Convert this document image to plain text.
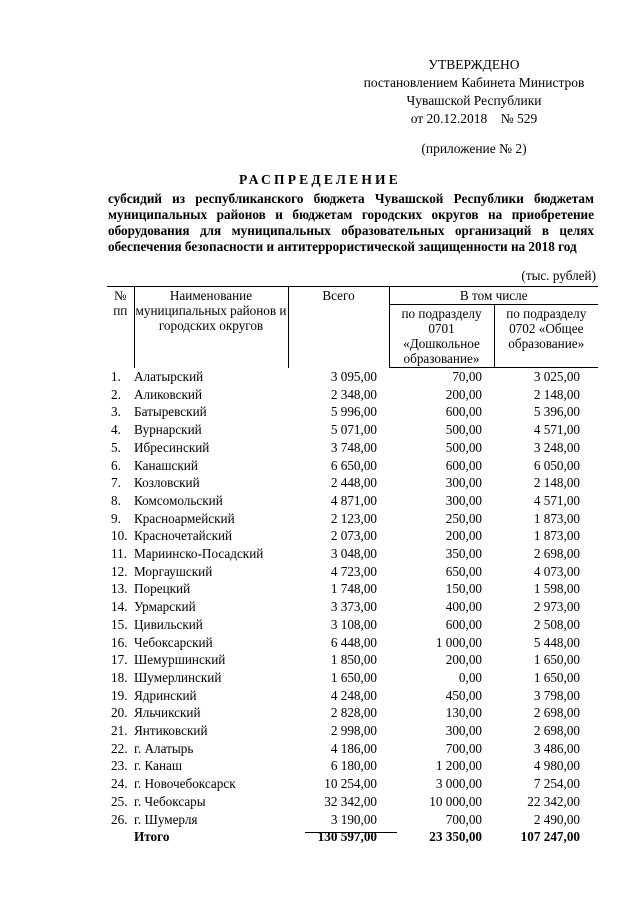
УТВЕРЖДЕНО
постановлением Кабинета Министров
Чувашской Республики
от 20.12.2018    № 529
(приложение № 2)
РАСПРЕДЕЛЕНИЕ
субсидий из республиканского бюджета Чувашской Республики бюджетам муниципальных районов и бюджетам городских округов на приобретение оборудования для муниципальных образовательных организаций в целях обеспечения безопасности и антитеррористической защищенности на 2018 год
(тыс. рублей)
№ пп	Наименование муниципальных районов и городских округов	Всего	В том числе	
			по подразделу 0701 «Дошкольное образование»	по подразделу 0702 «Общее образование»
1.	Алатырский	3 095,00	70,00	3 025,00
2.	Аликовский	2 348,00	200,00	2 148,00
3.	Батыревский	5 996,00	600,00	5 396,00
4.	Вурнарский	5 071,00	500,00	4 571,00
5.	Ибресинский	3 748,00	500,00	3 248,00
6.	Канашский	6 650,00	600,00	6 050,00
7.	Козловский	2 448,00	300,00	2 148,00
8.	Комсомольский	4 871,00	300,00	4 571,00
9.	Красноармейский	2 123,00	250,00	1 873,00
10.	Красночетайский	2 073,00	200,00	1 873,00
11.	Мариинско-Посадский	3 048,00	350,00	2 698,00
12.	Моргаушский	4 723,00	650,00	4 073,00
13.	Порецкий	1 748,00	150,00	1 598,00
14.	Урмарский	3 373,00	400,00	2 973,00
15.	Цивильский	3 108,00	600,00	2 508,00
16.	Чебоксарский	6 448,00	1 000,00	5 448,00
17.	Шемуршинский	1 850,00	200,00	1 650,00
18.	Шумерлинский	1 650,00	0,00	1 650,00
19.	Ядринский	4 248,00	450,00	3 798,00
20.	Яльчикский	2 828,00	130,00	2 698,00
21.	Янтиковский	2 998,00	300,00	2 698,00
22.	г. Алатырь	4 186,00	700,00	3 486,00
23.	г. Канаш	6 180,00	1 200,00	4 980,00
24.	г. Новочебоксарск	10 254,00	3 000,00	7 254,00
25.	г. Чебоксары	32 342,00	10 000,00	22 342,00
26.	г. Шумерля	3 190,00	700,00	2 490,00
	Итого	130 597,00	23 350,00	107 247,00
